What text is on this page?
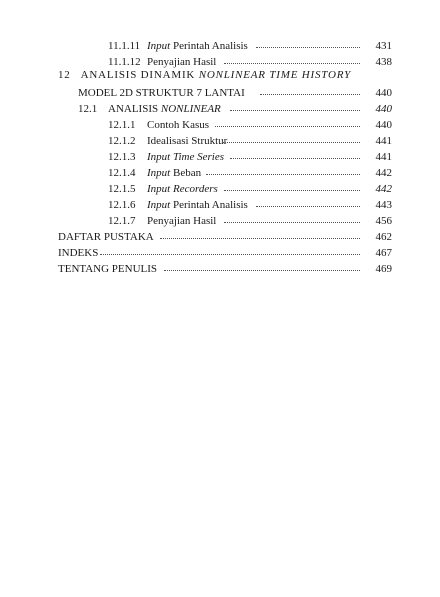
11.1.11 Input Perintah Analisis	431
11.1.12 Penyajian Hasil	438
12 ANALISIS DINAMIK NONLINEAR TIME HISTORY
MODEL 2D STRUKTUR 7 LANTAI	440
12.1 ANALISIS NONLINEAR	440
12.1.1 Contoh Kasus	440
12.1.2 Idealisasi Struktur	441
12.1.3 Input Time Series	441
12.1.4 Input Beban	442
12.1.5 Input Recorders	442
12.1.6 Input Perintah Analisis	443
12.1.7 Penyajian Hasil	456
DAFTAR PUSTAKA	462
INDEKS	467
TENTANG PENULIS	469
